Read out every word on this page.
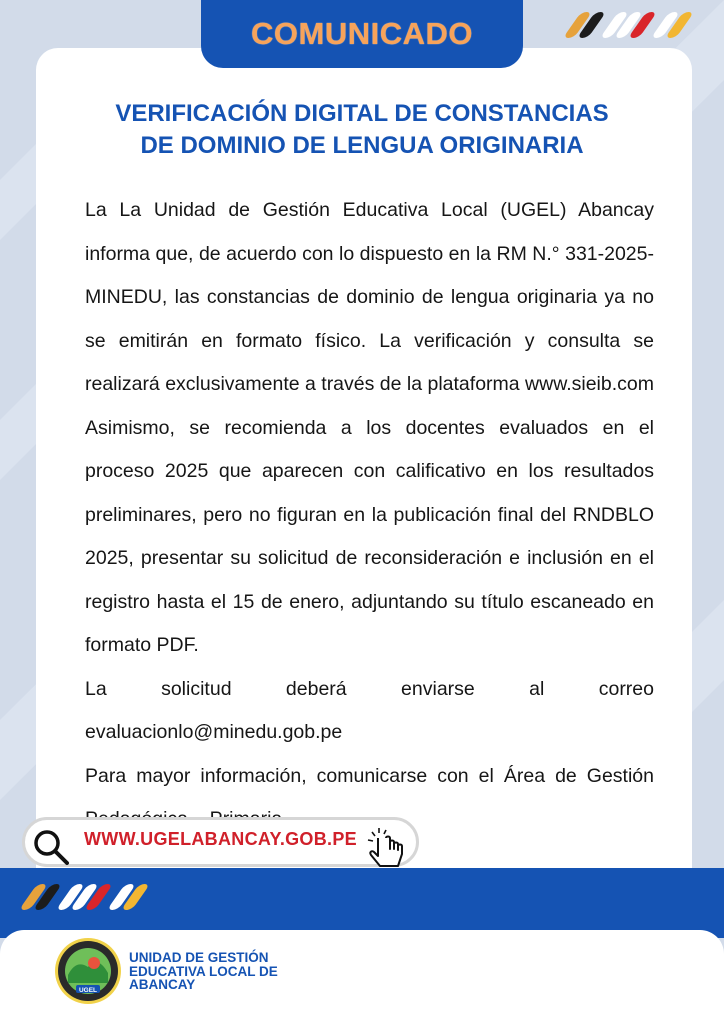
COMUNICADO
VERIFICACIÓN DIGITAL DE CONSTANCIAS
DE DOMINIO DE LENGUA ORIGINARIA

La La Unidad de Gestión Educativa Local (UGEL) Abancay informa que, de acuerdo con lo dispuesto en la RM N.° 331-2025-MINEDU, las constancias de dominio de lengua originaria ya no se emitirán en formato físico. La verificación y consulta se realizará exclusivamente a través de la plataforma www.sieib.com

Asimismo, se recomienda a los docentes evaluados en el proceso 2025 que aparecen con calificativo en los resultados preliminares, pero no figuran en la publicación final del RNDBLO 2025, presentar su solicitud de reconsideración e inclusión en el registro hasta el 15 de enero, adjuntando su título escaneado en formato PDF.

La solicitud deberá enviarse al correo

evaluacionlo@minedu.gob.pe

Para mayor información, comunicarse con el Área de Gestión

WWW.UGELABANCAY.GOB.PE
UGEL
UNIDAD DE GESTIÓN
EDUCATIVA LOCAL DE
ABANCAY
